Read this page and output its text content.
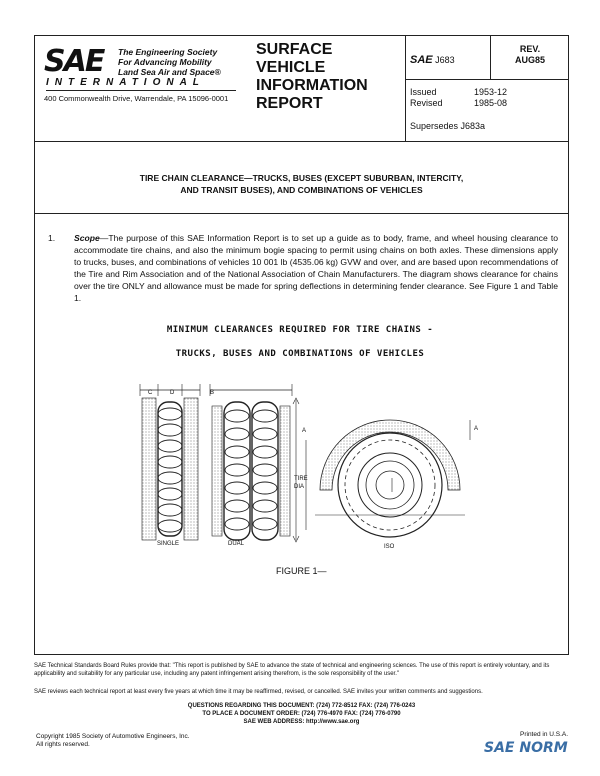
SAE The Engineering Society
For Advancing Mobility
Land Sea Air and Space®
INTERNATIONAL
400 Commonwealth Drive, Warrendale, PA 15096-0001
SURFACE
VEHICLE
INFORMATION
REPORT
SAE J683
REV.
AUG85
Issued	1953-12
Revised	1985-08
Supersedes J683a
TIRE CHAIN CLEARANCE—TRUCKS, BUSES (EXCEPT SUBURBAN, INTERCITY,
AND TRANSIT BUSES), AND COMBINATIONS OF VEHICLES
1. Scope—The purpose of this SAE Information Report is to set up a guide as to body, frame, and wheel housing clearance to accommodate tire chains, and also the minimum bogie spacing to permit using chains on both axles. These dimensions apply to trucks, buses, and combinations of vehicles 10 001 lb (4535.06 kg) GVW and over, and are based upon recommendations of the Tire and Rim Association and of the National Association of Chain Manufacturers. The diagram shows clearance for chains over the tire ONLY and allowance must be made for spring deflections in determining fender clearance. See Figure 1 and Table 1.
MINIMUM CLEARANCES REQUIRED FOR TIRE CHAINS -
TRUCKS, BUSES AND COMBINATIONS OF VEHICLES
SINGLE	DUAL	ISO
TIRE
DIA
C	D	B
A
A
FIGURE 1—
SAE Technical Standards Board Rules provide that: "This report is published by SAE to advance the state of technical and engineering sciences. The use of this report is entirely voluntary, and its applicability and suitability for any particular use, including any patent infringement arising therefrom, is the sole responsibility of the user."
SAE reviews each technical report at least every five years at which time it may be reaffirmed, revised, or cancelled. SAE invites your written comments and suggestions.
QUESTIONS REGARDING THIS DOCUMENT: (724) 772-8512 FAX: (724) 776-0243
TO PLACE A DOCUMENT ORDER: (724) 776-4970 FAX: (724) 776-0790
SAE WEB ADDRESS: http://www.sae.org
Copyright 1985 Society of Automotive Engineers, Inc.
All rights reserved.
Printed in U.S.A.
SAE NORM
